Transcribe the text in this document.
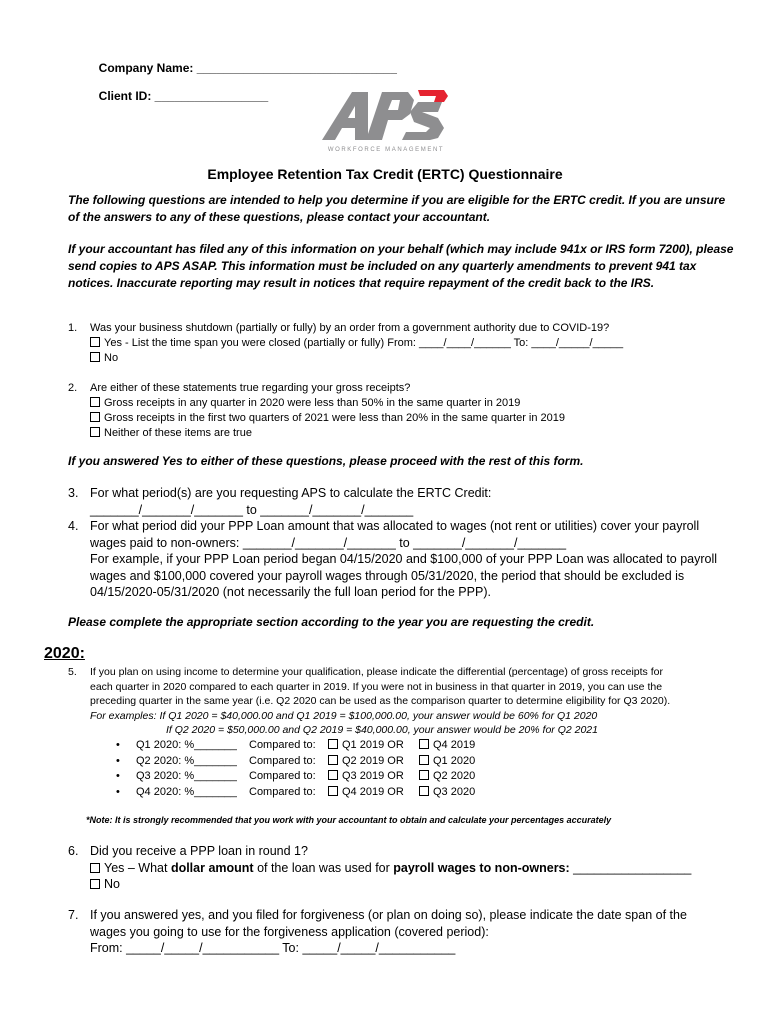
Company Name: ______________________________

Client ID: _________________

WORKFORCE MANAGEMENT
Employee Retention Tax Credit (ERTC) Questionnaire
The following questions are intended to help you determine if you are eligible for the ERTC credit. If you are unsure of the answers to any of these questions, please contact your accountant.
If your accountant has filed any of this information on your behalf (which may include 941x or IRS form 7200), please send copies to APS ASAP. This information must be included on any quarterly amendments to prevent 941 tax notices. Inaccurate reporting may result in notices that require repayment of the credit back to the IRS.
1. Was your business shutdown (partially or fully) by an order from a government authority due to COVID-19?
Yes - List the time span you were closed (partially or fully) From: ____/____/______ To: ____/_____/_____
No
2. Are either of these statements true regarding your gross receipts?
Gross receipts in any quarter in 2020 were less than 50% in the same quarter in 2019
Gross receipts in the first two quarters of 2021 were less than 20% in the same quarter in 2019
Neither of these items are true
If you answered Yes to either of these questions, please proceed with the rest of this form.
3. For what period(s) are you requesting APS to calculate the ERTC Credit:
_______/_______/_______ to _______/_______/_______
4. For what period did your PPP Loan amount that was allocated to wages (not rent or utilities) cover your payroll
wages paid to non-owners: _______/_______/_______ to _______/_______/_______
For example, if your PPP Loan period began 04/15/2020 and $100,000 of your PPP Loan was allocated to payroll
wages and $100,000 covered your payroll wages through 05/31/2020, the period that should be excluded is
04/15/2020-05/31/2020 (not necessarily the full loan period for the PPP).
Please complete the appropriate section according to the year you are requesting the credit.
2020:
5. If you plan on using income to determine your qualification, please indicate the differential (percentage) of gross receipts for
each quarter in 2020 compared to each quarter in 2019. If you were not in business in that quarter in 2019, you can use the
preceding quarter in the same year (i.e. Q2 2020 can be used as the comparison quarter to determine eligibility for Q3 2020).
For examples: If Q1 2020 = $40,000.00 and Q1 2019 = $100,000.00, your answer would be 60% for Q1 2020
If Q2 2020 = $50,000.00 and Q2 2019 = $40,000.00, your answer would be 20% for Q2 2021
• Q1 2020: %_______ Compared to:	Q1 2019 OR	Q4 2019
• Q2 2020: %_______ Compared to:	Q2 2019 OR	Q1 2020
• Q3 2020: %_______ Compared to:	Q3 2019 OR	Q2 2020
• Q4 2020: %_______ Compared to:	Q4 2019 OR	Q3 2020
*Note: It is strongly recommended that you work with your accountant to obtain and calculate your percentages accurately
6. Did you receive a PPP loan in round 1?
Yes – What dollar amount of the loan was used for payroll wages to non-owners: _________________
No
7. If you answered yes, and you filed for forgiveness (or plan on doing so), please indicate the date span of the
wages you going to use for the forgiveness application (covered period):
From: _____/_____/___________ To: _____/_____/___________
